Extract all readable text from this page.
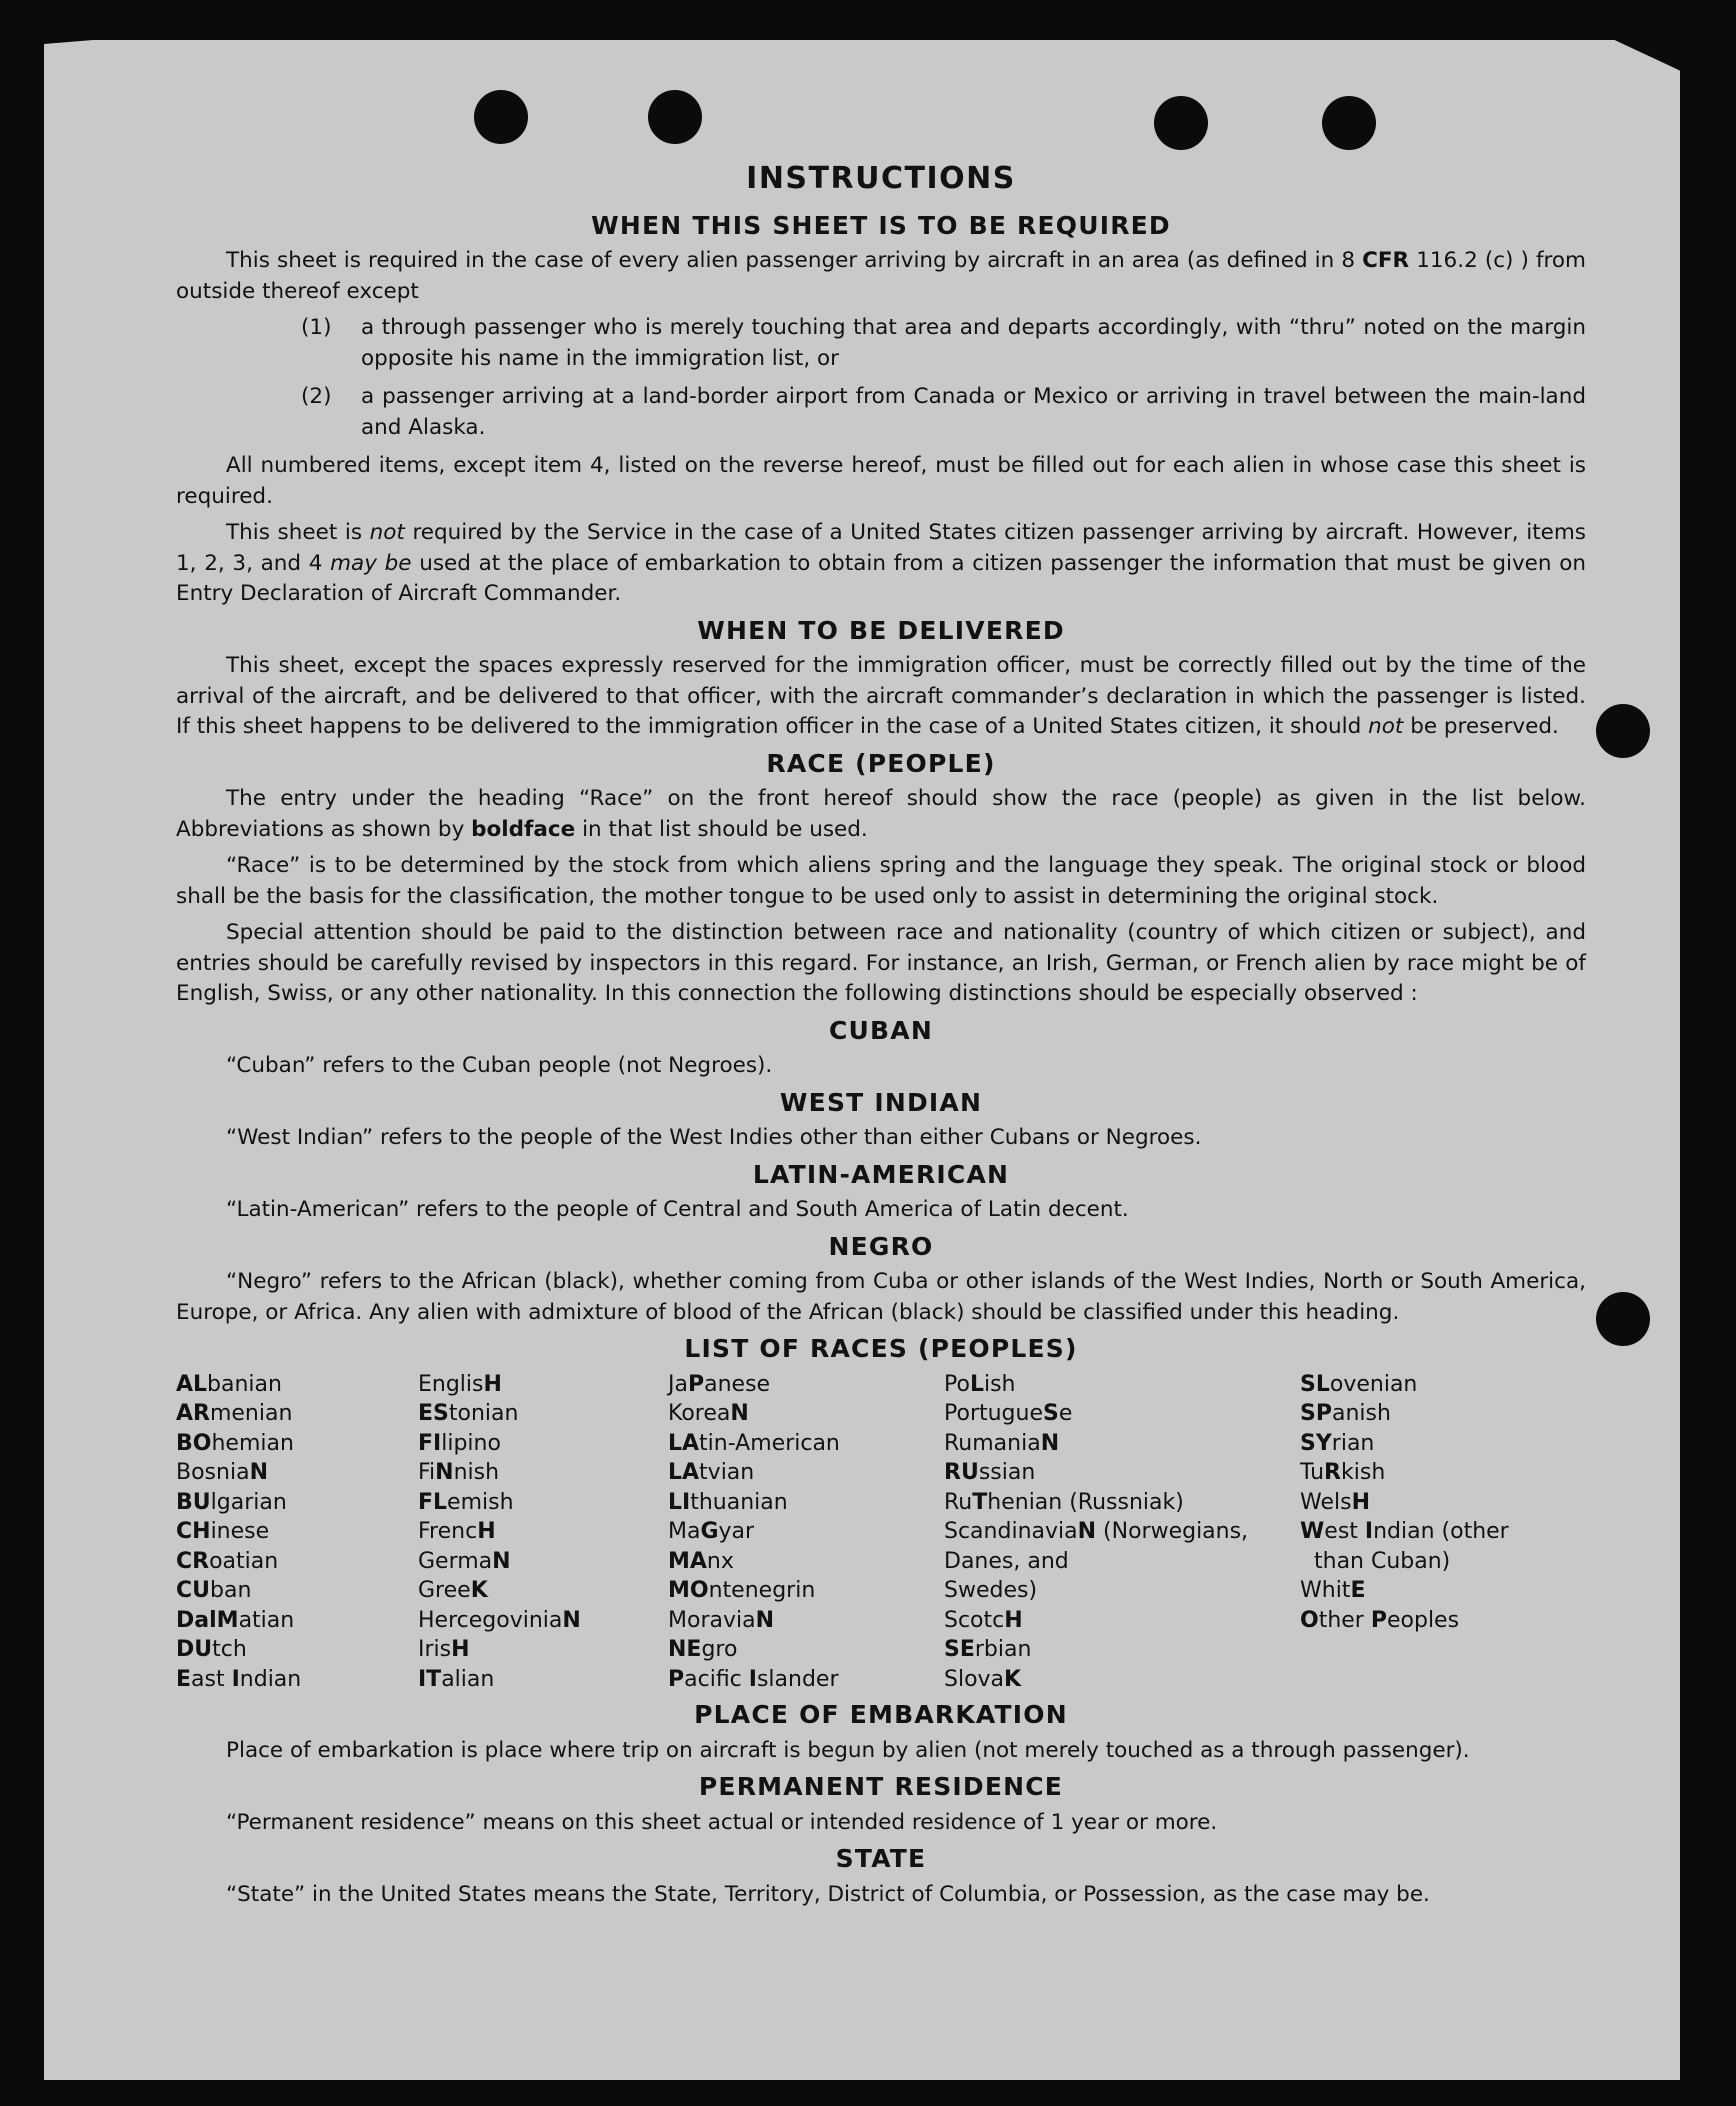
INSTRUCTIONS
WHEN THIS SHEET IS TO BE REQUIRED
This sheet is required in the case of every alien passenger arriving by aircraft in an area (as defined in 8 CFR 116.2 (c) ) from outside thereof except
(1)	a through passenger who is merely touching that area and departs accordingly, with “thru” noted on the margin opposite his name in the immigration list, or
(2)	a passenger arriving at a land-border airport from Canada or Mexico or arriving in travel between the main-land and Alaska.
All numbered items, except item 4, listed on the reverse hereof, must be filled out for each alien in whose case this sheet is required.
This sheet is not required by the Service in the case of a United States citizen passenger arriving by aircraft. However, items 1, 2, 3, and 4 may be used at the place of embarkation to obtain from a citizen passenger the information that must be given on Entry Declaration of Aircraft Commander.
WHEN TO BE DELIVERED
This sheet, except the spaces expressly reserved for the immigration officer, must be correctly filled out by the time of the arrival of the aircraft, and be delivered to that officer, with the aircraft commander’s declaration in which the passenger is listed. If this sheet happens to be delivered to the immigration officer in the case of a United States citizen, it should not be preserved.
RACE (PEOPLE)
The entry under the heading “Race” on the front hereof should show the race (people) as given in the list below. Abbreviations as shown by boldface in that list should be used.
“Race” is to be determined by the stock from which aliens spring and the language they speak. The original stock or blood shall be the basis for the classification, the mother tongue to be used only to assist in determining the original stock.
Special attention should be paid to the distinction between race and nationality (country of which citizen or subject), and entries should be carefully revised by inspectors in this regard. For instance, an Irish, German, or French alien by race might be of English, Swiss, or any other nationality. In this connection the following distinctions should be especially observed :
CUBAN
“Cuban” refers to the Cuban people (not Negroes).
WEST INDIAN
“West Indian” refers to the people of the West Indies other than either Cubans or Negroes.
LATIN-AMERICAN
“Latin-American” refers to the people of Central and South America of Latin decent.
NEGRO
“Negro” refers to the African (black), whether coming from Cuba or other islands of the West Indies, North or South America, Europe, or Africa. Any alien with admixture of blood of the African (black) should be classified under this heading.
LIST OF RACES (PEOPLES)
ALbanian
ARmenian
BOhemian
BosniaN
BUlgarian
CHinese
CRoatian
CUban
DalMatian
DUtch
East Indian
EnglisH
EStonian
FIlipino
FiNnish
FLemish
FrencH
GermaN
GreeK
HercegoviniaN
IrisH
ITalian
JaPanese
KoreaN
LAtin-American
LAtvian
LIthuanian
MaGyar
MAnx
MOntenegrin
MoraviaN
NEgro
Pacific Islander
PoLish
PortugueSe
RumaniaN
RUssian
RuThenian (Russniak)
ScandinaviaN (Norwegians,
Danes, and
Swedes)
ScotcH
SErbian
SlovaK
SLovenian
SPanish
SYrian
TuRkish
WelsH
West Indian (other
than Cuban)
WhitE
Other Peoples
PLACE OF EMBARKATION
Place of embarkation is place where trip on aircraft is begun by alien (not merely touched as a through passenger).
PERMANENT RESIDENCE
“Permanent residence” means on this sheet actual or intended residence of 1 year or more.
STATE
“State” in the United States means the State, Territory, District of Columbia, or Possession, as the case may be.
